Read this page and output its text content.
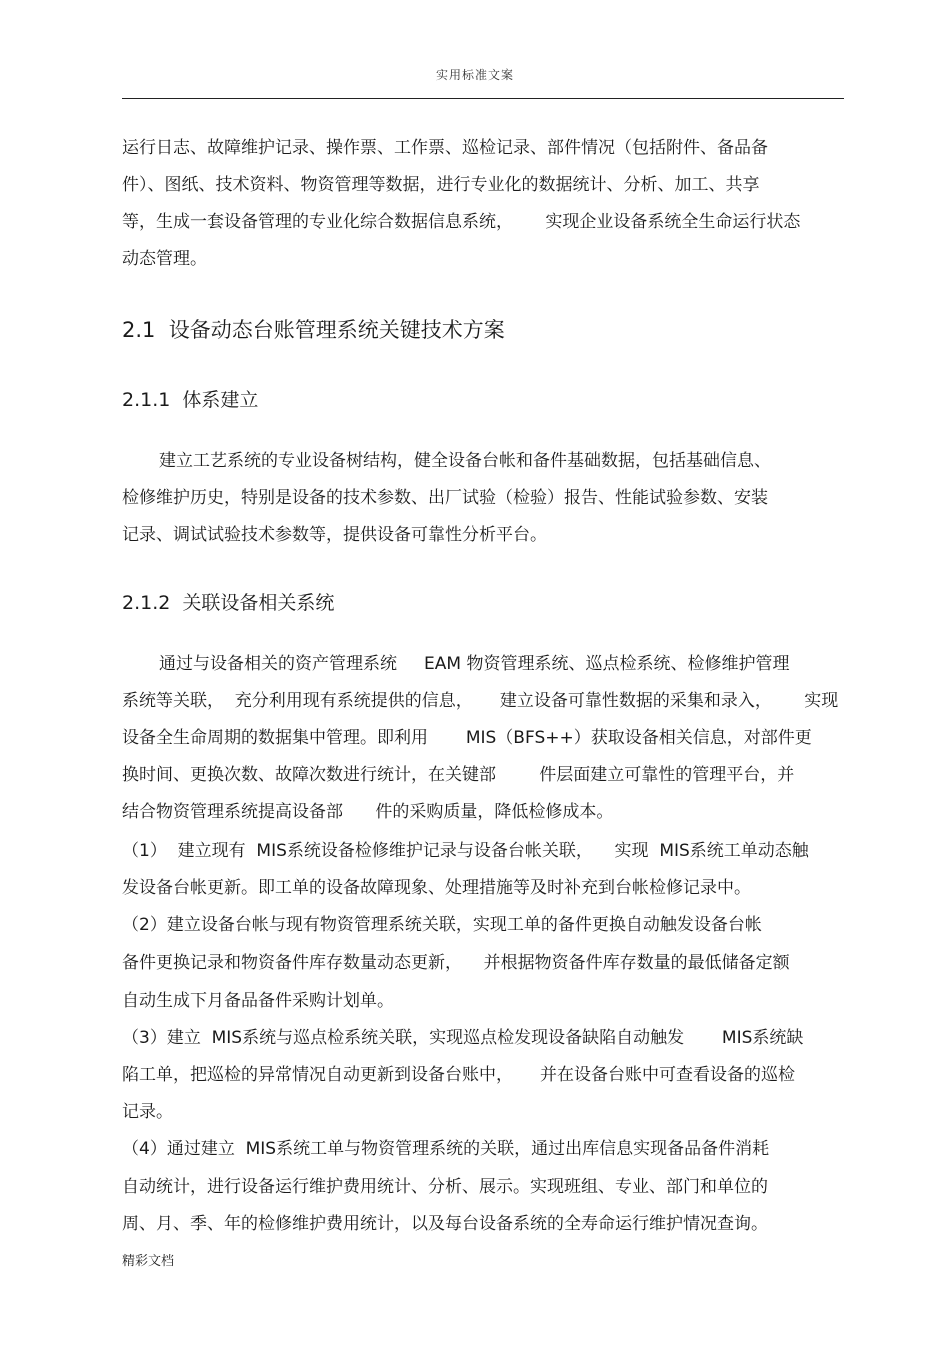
实用标准文案
运行日志、故障维护记录、操作票、工作票、巡检记录、部件情况（包括附件、备品备
件）、图纸、技术资料、物资管理等数据，进行专业化的数据统计、分析、加工、共享
等，生成一套设备管理的专业化综合数据信息系统，      实现企业设备系统全生命运行状态
动态管理。
2.1  设备动态台账管理系统关键技术方案
2.1.1  体系建立
建立工艺系统的专业设备树结构，健全设备台帐和备件基础数据，包括基础信息、
检修维护历史，特别是设备的技术参数、出厂试验（检验）报告、性能试验参数、安装
记录、调试试验技术参数等，提供设备可靠性分析平台。
2.1.2  关联设备相关系统
通过与设备相关的资产管理系统     EAM 物资管理系统、巡点检系统、检修维护管理
系统等关联，  充分利用现有系统提供的信息，     建立设备可靠性数据的采集和录入，      实现
设备全生命周期的数据集中管理。即利用       MIS（BFS++）获取设备相关信息，对部件更
换时间、更换次数、故障次数进行统计，在关键部        件层面建立可靠性的管理平台，并
结合物资管理系统提高设备部      件的采购质量，降低检修成本。
（1）  建立现有  MIS系统设备检修维护记录与设备台帐关联，    实现  MIS系统工单动态触
发设备台帐更新。即工单的设备故障现象、处理措施等及时补充到台帐检修记录中。
（2）建立设备台帐与现有物资管理系统关联，实现工单的备件更换自动触发设备台帐
备件更换记录和物资备件库存数量动态更新，    并根据物资备件库存数量的最低储备定额
自动生成下月备品备件采购计划单。
（3）建立  MIS系统与巡点检系统关联，实现巡点检发现设备缺陷自动触发       MIS系统缺
陷工单，把巡检的异常情况自动更新到设备台账中，     并在设备台账中可查看设备的巡检
记录。
（4）通过建立  MIS系统工单与物资管理系统的关联，通过出库信息实现备品备件消耗
自动统计，进行设备运行维护费用统计、分析、展示。实现班组、专业、部门和单位的
周、月、季、年的检修维护费用统计，以及每台设备系统的全寿命运行维护情况查询。
精彩文档
